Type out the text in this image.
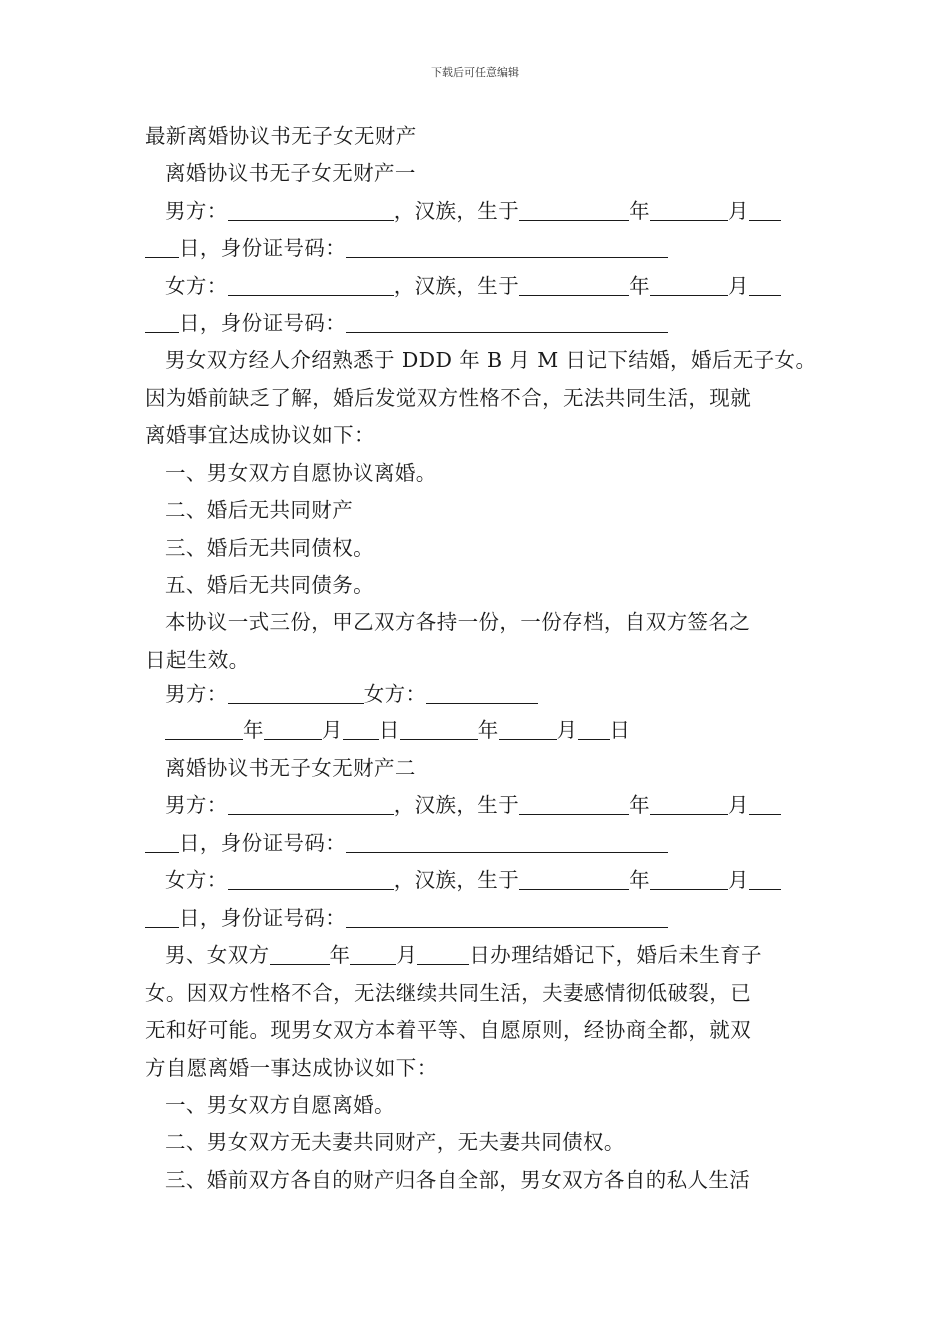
下载后可任意编辑
最新离婚协议书无子女无财产
离婚协议书无子女无财产一
男方：	，汉族，生于	年	月
日，身份证号码：
女方：	，汉族，生于	年	月
日，身份证号码：
男女双方经人介绍熟悉于 DDD 年 B 月 M 日记下结婚，婚后无子女。
因为婚前缺乏了解，婚后发觉双方性格不合，无法共同生活，现就
离婚事宜达成协议如下：
一、男女双方自愿协议离婚。
二、婚后无共同财产
三、婚后无共同债权。
五、婚后无共同债务。
本协议一式三份，甲乙双方各持一份，一份存档，自双方签名之
日起生效。
男方：	女方：
年	月 日	年	月 日
离婚协议书无子女无财产二
男方：	，汉族，生于	年	月
日，身份证号码：
女方：	，汉族，生于	年	月
日，身份证号码：
男、女双方	年 月	日办理结婚记下，婚后未生育子
女。因双方性格不合，无法继续共同生活，夫妻感情彻低破裂，已
无和好可能。现男女双方本着平等、自愿原则，经协商全都，就双
方自愿离婚一事达成协议如下：
一、男女双方自愿离婚。
二、男女双方无夫妻共同财产，无夫妻共同债权。
三、婚前双方各自的财产归各自全部，男女双方各自的私人生活
